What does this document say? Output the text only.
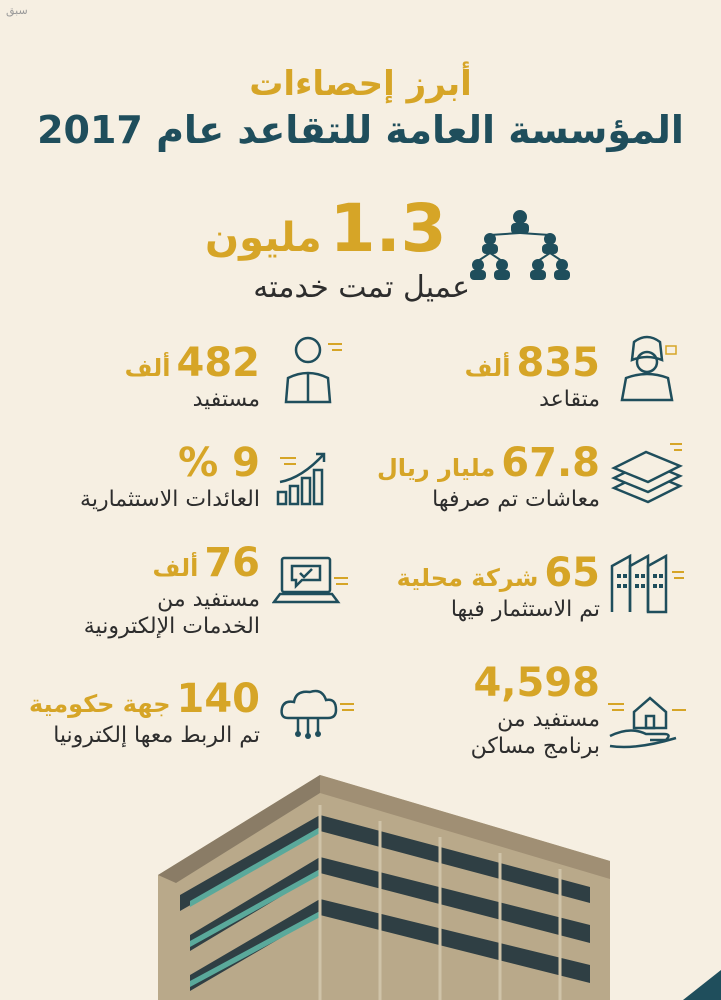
سبق
أبرز إحصاءات
المؤسسة العامة للتقاعد عام 2017
1.3مليون
عميل تمت خدمته
835ألف
متقاعد
482ألف
مستفيد
67.8مليار ريال
معاشات تم صرفها
9 %
العائدات الاستثمارية
65شركة محلية
تم الاستثمار فيها
76ألف
مستفيد من
الخدمات الإلكترونية
4,598
مستفيد من
برنامج مساكن
140جهة حكومية
تم الربط معها إلكترونيا
